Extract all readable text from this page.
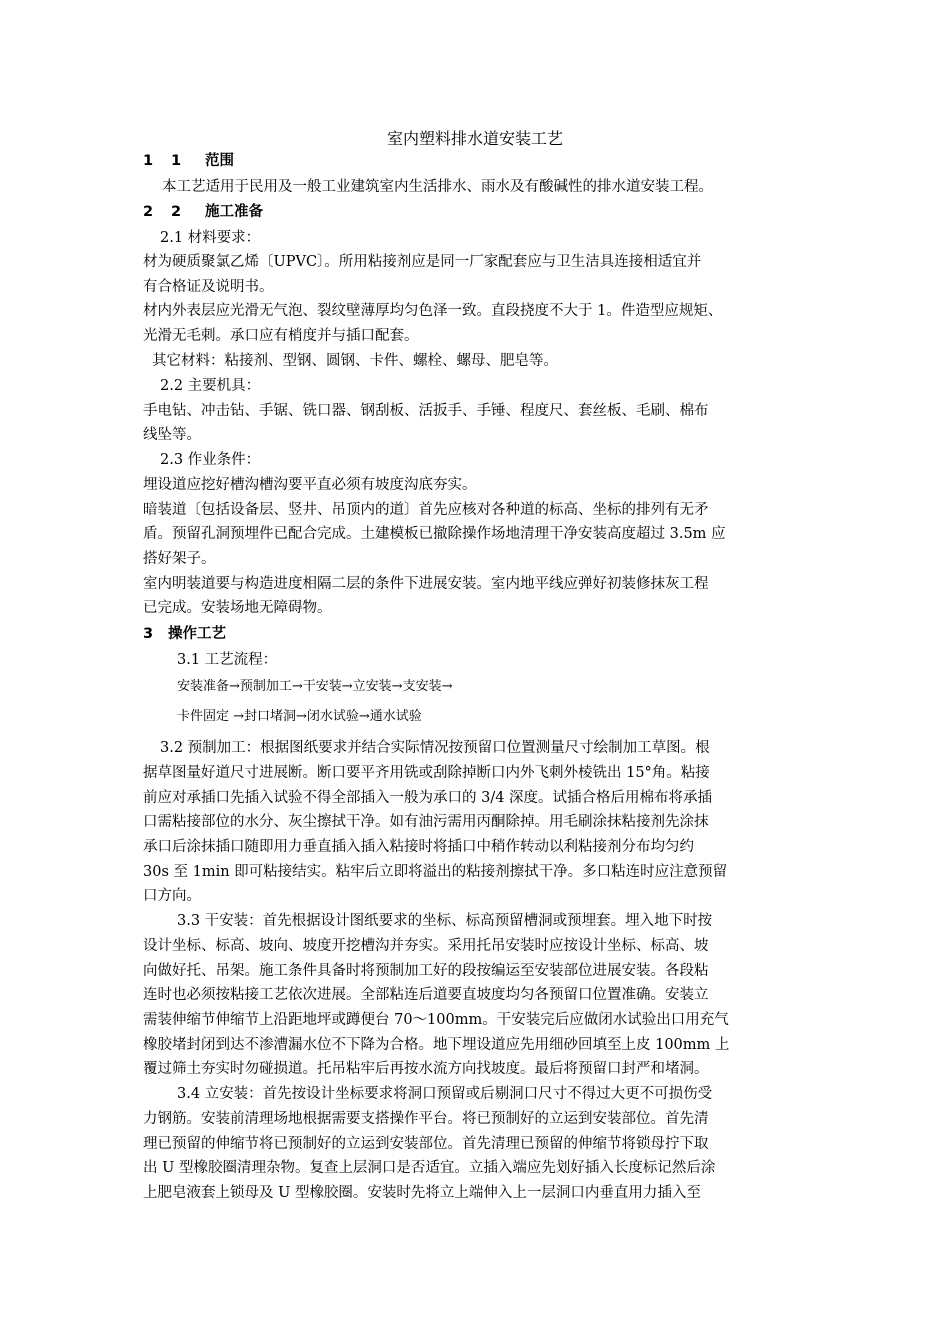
室内塑料排水道安装工艺
1 1 范围
本工艺适用于民用及一般工业建筑室内生活排水、雨水及有酸碱性的排水道安装工程。
2 2 施工准备
2.1 材料要求：
材为硬质聚氯乙烯〔UPVC〕。所用粘接剂应是同一厂家配套应与卫生洁具连接相适宜并
有合格证及说明书。
材内外表层应光滑无气泡、裂纹壁薄厚均匀色泽一致。直段挠度不大于 1。件造型应规矩、
光滑无毛刺。承口应有梢度并与插口配套。
其它材料：粘接剂、型钢、圆钢、卡件、螺栓、螺母、肥皂等。
2.2 主要机具：
手电钻、冲击钻、手锯、铣口器、钢刮板、活扳手、手锤、程度尺、套丝板、毛刷、棉布
线坠等。
2.3 作业条件：
埋设道应挖好槽沟槽沟要平直必须有坡度沟底夯实。
暗装道〔包括设备层、竖井、吊顶内的道〕首先应核对各种道的标高、坐标的排列有无矛
盾。预留孔洞预埋件已配合完成。土建模板已撤除操作场地清理干净安装高度超过 3.5m 应
搭好架子。
室内明装道要与构造进度相隔二层的条件下进展安装。室内地平线应弹好初装修抹灰工程
已完成。安装场地无障碍物。
3 操作工艺
3.1 工艺流程：
安装准备→预制加工→干安装→立安装→支安装→
卡件固定 →封口堵洞→闭水试验→通水试验
3.2 预制加工：根据图纸要求并结合实际情况按预留口位置测量尺寸绘制加工草图。根
据草图量好道尺寸进展断。断口要平齐用铣或刮除掉断口内外飞刺外棱铣出 15°角。粘接
前应对承插口先插入试验不得全部插入一般为承口的 3/4 深度。试插合格后用棉布将承插
口需粘接部位的水分、灰尘擦拭干净。如有油污需用丙酮除掉。用毛刷涂抹粘接剂先涂抹
承口后涂抹插口随即用力垂直插入插入粘接时将插口中稍作转动以利粘接剂分布均匀约
30s 至 1min 即可粘接结实。粘牢后立即将溢出的粘接剂擦拭干净。多口粘连时应注意预留
口方向。
3.3 干安装：首先根据设计图纸要求的坐标、标高预留槽洞或预埋套。埋入地下时按
设计坐标、标高、坡向、坡度开挖槽沟并夯实。采用托吊安装时应按设计坐标、标高、坡
向做好托、吊架。施工条件具备时将预制加工好的段按编运至安装部位进展安装。各段粘
连时也必须按粘接工艺依次进展。全部粘连后道要直坡度均匀各预留口位置准确。安装立
需装伸缩节伸缩节上沿距地坪或蹲便台 70～100mm。干安装完后应做闭水试验出口用充气
橡胶堵封闭到达不渗漕漏水位不下降为合格。地下埋设道应先用细砂回填至上皮 100mm 上
覆过筛土夯实时勿碰损道。托吊粘牢后再按水流方向找坡度。最后将预留口封严和堵洞。
3.4 立安装：首先按设计坐标要求将洞口预留或后剔洞口尺寸不得过大更不可损伤受
力钢筋。安装前清理场地根据需要支搭操作平台。将已预制好的立运到安装部位。首先清
理已预留的伸缩节将已预制好的立运到安装部位。首先清理已预留的伸缩节将锁母拧下取
出 U 型橡胶圈清理杂物。复查上层洞口是否适宜。立插入端应先划好插入长度标记然后涂
上肥皂液套上锁母及 U 型橡胶圈。安装时先将立上端伸入上一层洞口内垂直用力插入至
